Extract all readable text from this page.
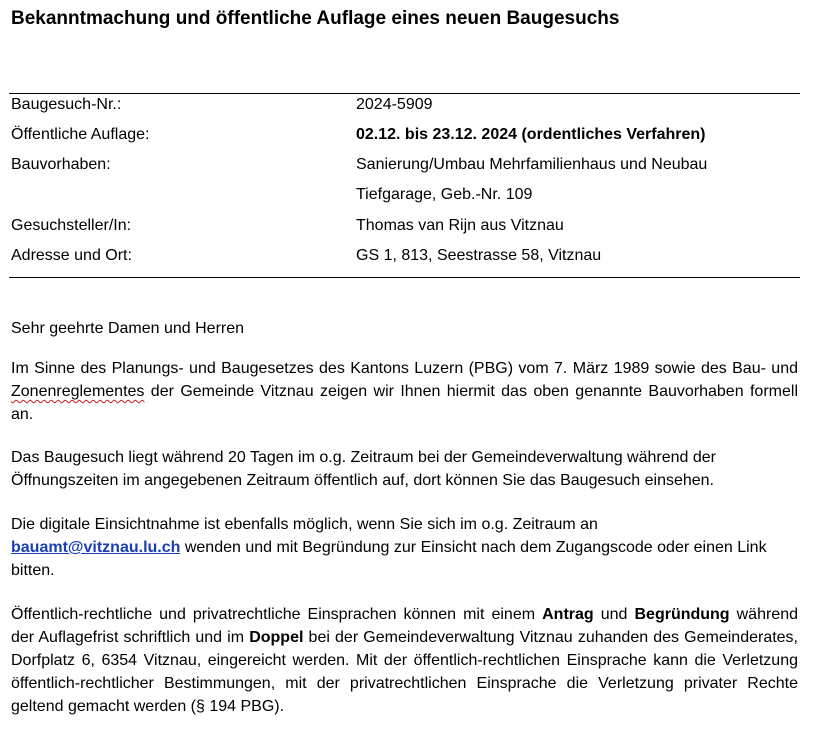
Bekanntmachung und öffentliche Auflage eines neuen Baugesuchs
Baugesuch-Nr.:	2024-5909
Öffentliche Auflage:	02.12. bis 23.12. 2024 (ordentliches Verfahren)
Bauvorhaben:	Sanierung/Umbau Mehrfamilienhaus und Neubau
Tiefgarage, Geb.-Nr. 109
Gesuchsteller/In:	Thomas van Rijn aus Vitznau
Adresse und Ort:	GS 1, 813, Seestrasse 58, Vitznau
Sehr geehrte Damen und Herren
Im Sinne des Planungs- und Baugesetzes des Kantons Luzern (PBG) vom 7. März 1989 sowie des Bau- und Zonenreglementes der Gemeinde Vitznau zeigen wir Ihnen hiermit das oben genannte Bauvorhaben formell an.
Das Baugesuch liegt während 20 Tagen im o.g. Zeitraum bei der Gemeindeverwaltung während der Öffnungszeiten im angegebenen Zeitraum öffentlich auf, dort können Sie das Baugesuch einsehen.
Die digitale Einsichtnahme ist ebenfalls möglich, wenn Sie sich im o.g. Zeitraum an
bauamt@vitznau.lu.ch wenden und mit Begründung zur Einsicht nach dem Zugangscode oder einen Link bitten.
Öffentlich-rechtliche und privatrechtliche Einsprachen können mit einem Antrag und Begründung während der Auflagefrist schriftlich und im Doppel bei der Gemeindeverwaltung Vitznau zuhanden des Gemeinderates, Dorfplatz 6, 6354 Vitznau, eingereicht werden. Mit der öffentlich-rechtlichen Einsprache kann die Verletzung öffentlich-rechtlicher Bestimmungen, mit der privatrechtlichen Einsprache die Verletzung privater Rechte geltend gemacht werden (§ 194 PBG).
